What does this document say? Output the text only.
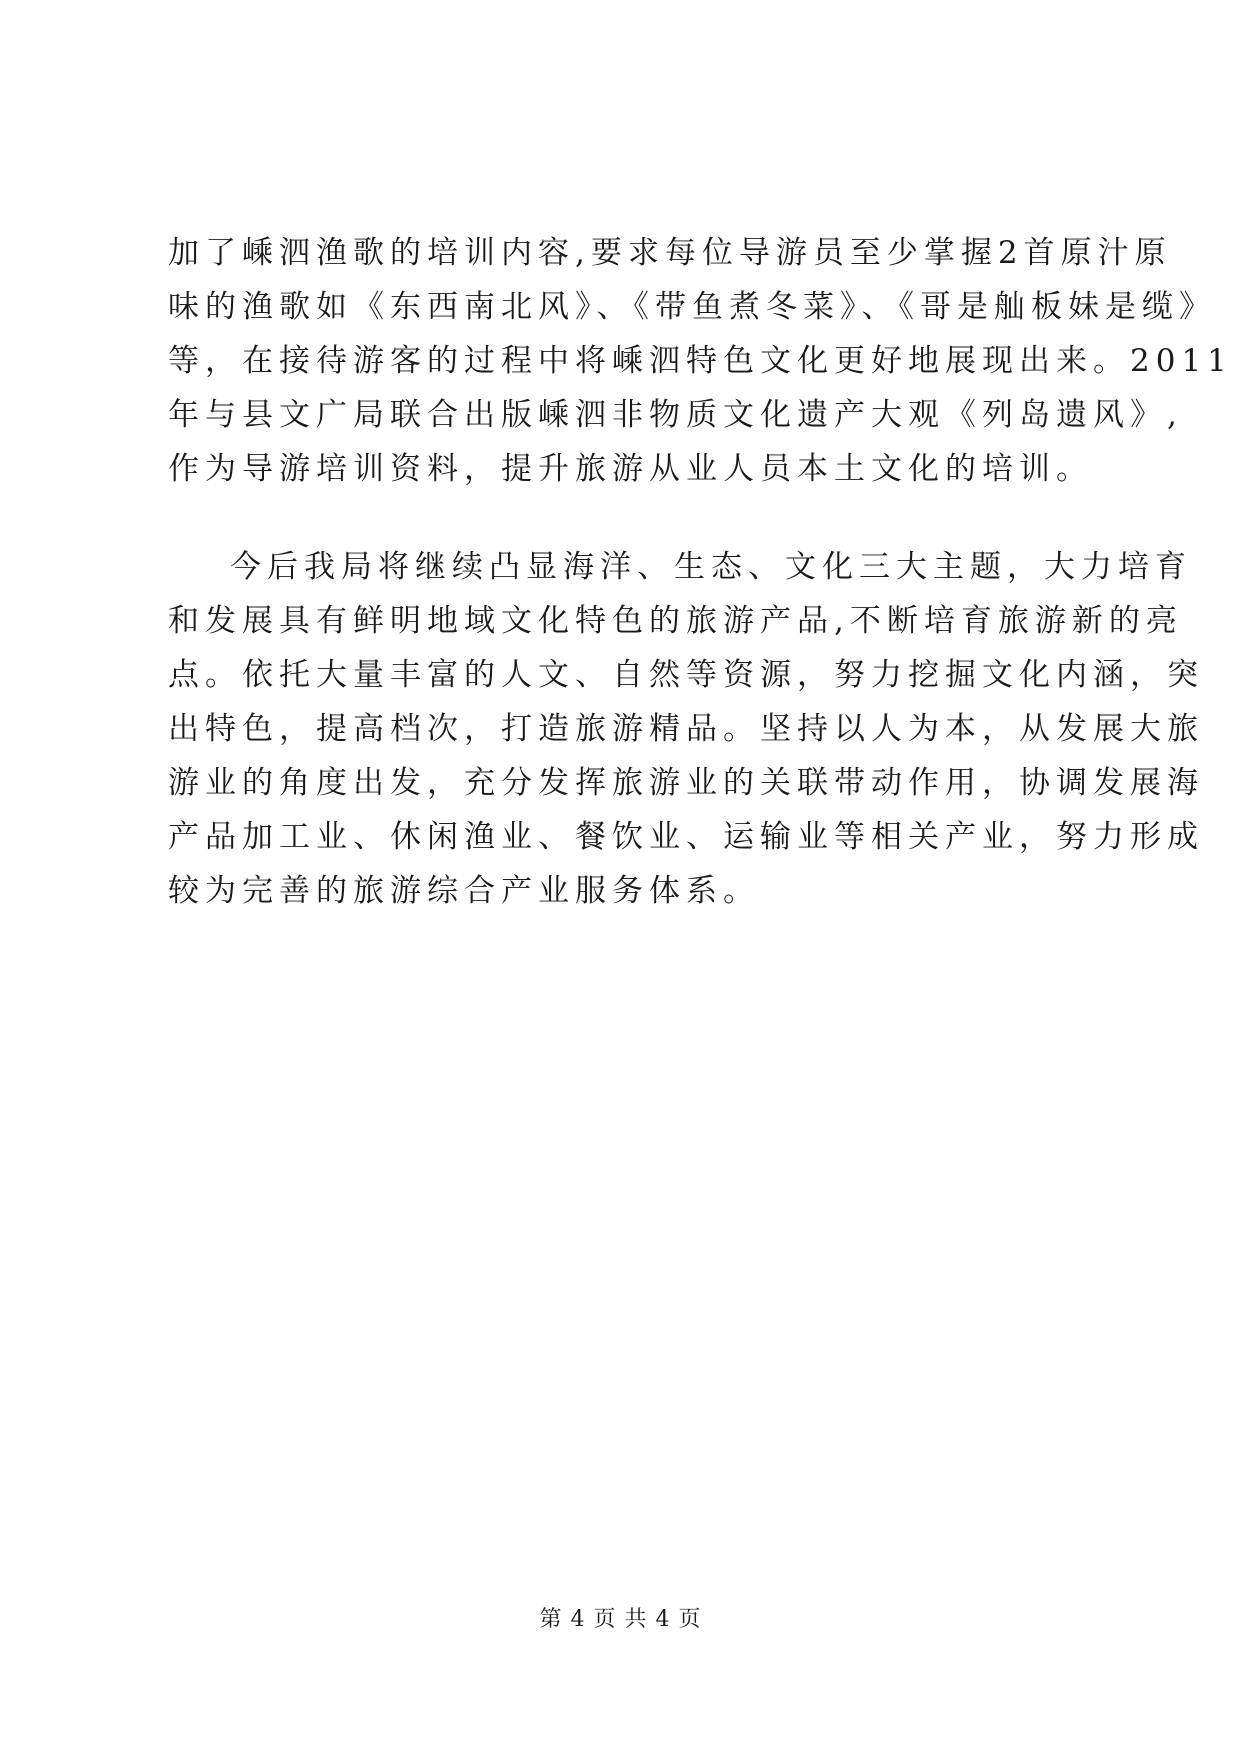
加了嵊泗渔歌的培训内容,要求每位导游员至少掌握2首原汁原
味的渔歌如《东西南北风》、《带鱼煮冬菜》、《哥是舢板妹是缆》
等，在接待游客的过程中将嵊泗特色文化更好地展现出来。2011
年与县文广局联合出版嵊泗非物质文化遗产大观《列岛遗风》,
作为导游培训资料，提升旅游从业人员本土文化的培训。
今后我局将继续凸显海洋、生态、文化三大主题，大力培育
和发展具有鲜明地域文化特色的旅游产品,不断培育旅游新的亮
点。依托大量丰富的人文、自然等资源，努力挖掘文化内涵，突
出特色，提高档次，打造旅游精品。坚持以人为本，从发展大旅
游业的角度出发，充分发挥旅游业的关联带动作用，协调发展海
产品加工业、休闲渔业、餐饮业、运输业等相关产业，努力形成
较为完善的旅游综合产业服务体系。
第 4 页 共 4 页
